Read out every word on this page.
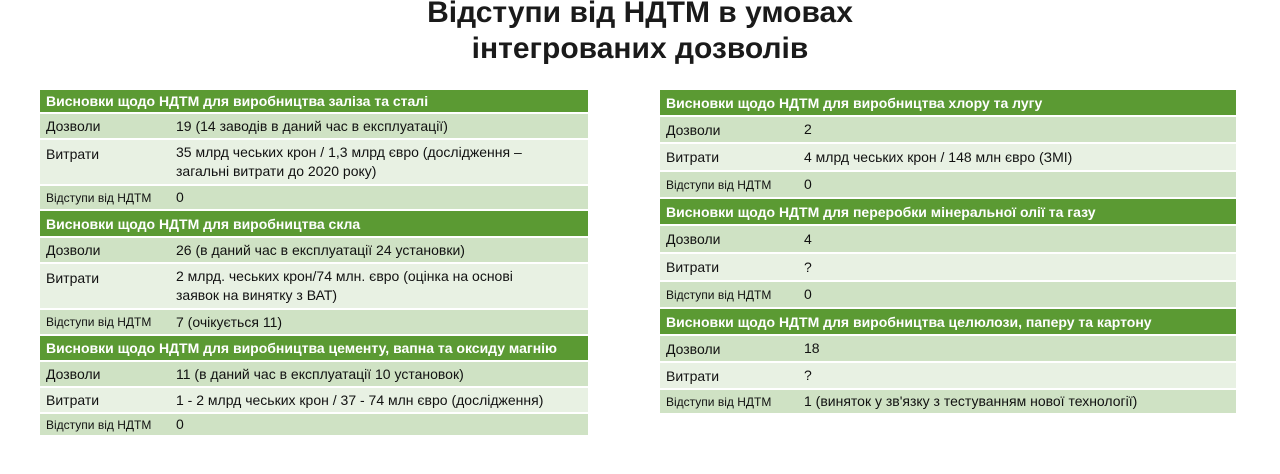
Відступи від НДТМ в умовах
інтегрованих дозволів
Висновки щодо НДТМ для виробництва заліза та сталі	
Дозволи	19 (14 заводів в даний час в експлуатації)
Витрати	35 млрд чеських крон / 1,3 млрд євро (дослідження –
загальні витрати до 2020 року)

Відступи від НДТМ	0
Висновки щодо НДТМ для виробництва скла	
Дозволи	26 (в даний час в експлуатації 24 установки)
Витрати	2 млрд. чеських крон/74 млн. євро (оцінка на основі
заявок на винятку з ВАТ)

Відступи від НДТМ	7 (очікується 11)
Висновки щодо НДТМ для виробництва цементу, вапна та оксиду магнію	
Дозволи	11 (в даний час в експлуатації 10 установок)
Витрати	1 - 2 млрд чеських крон / 37 - 74 млн євро (дослідження)
Відступи від НДТМ	0
Висновки щодо НДТМ для виробництва хлору та лугу	
Дозволи	2
Витрати	4 млрд чеських крон / 148 млн євро (ЗМІ)
Відступи від НДТМ	0
Висновки щодо НДТМ для переробки мінеральної олії та газу	
Дозволи	4
Витрати	?
Відступи від НДТМ	0
Висновки щодо НДТМ для виробництва целюлози, паперу та картону	
Дозволи	18
Витрати	?
Відступи від НДТМ	1 (виняток у зв'язку з тестуванням нової технології)
